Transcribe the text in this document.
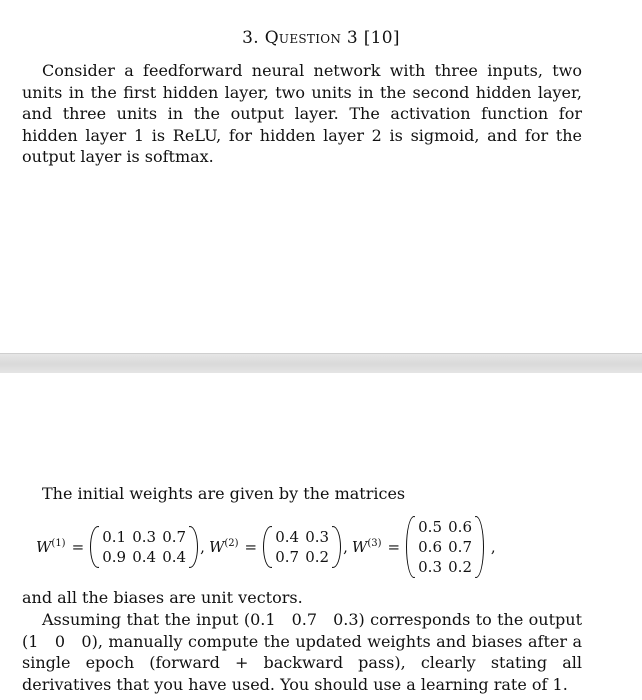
3. Question 3 [10]
Consider a feedforward neural network with three inputs, two units in the first hidden layer, two units in the second hidden layer, and three units in the output layer. The activation function for hidden layer 1 is ReLU, for hidden layer 2 is sigmoid, and for the output layer is softmax.
The initial weights are given by the matrices
$W^{(1)}$ =
0.1 0.3 0.7
0.9 0.4 0.4
, $W^{(2)}$ =
0.4 0.3
0.7 0.2
, $W^{(3)}$ =
0.5 0.6
0.6 0.7
0.3 0.2
,
and all the biases are unit vectors.
Assuming that the input (0.1 0.7 0.3) corresponds to the output (1 0 0), manually compute the updated weights and biases after a single epoch (forward + backward pass), clearly stating all derivatives that you have used. You should use a learning rate of 1.
